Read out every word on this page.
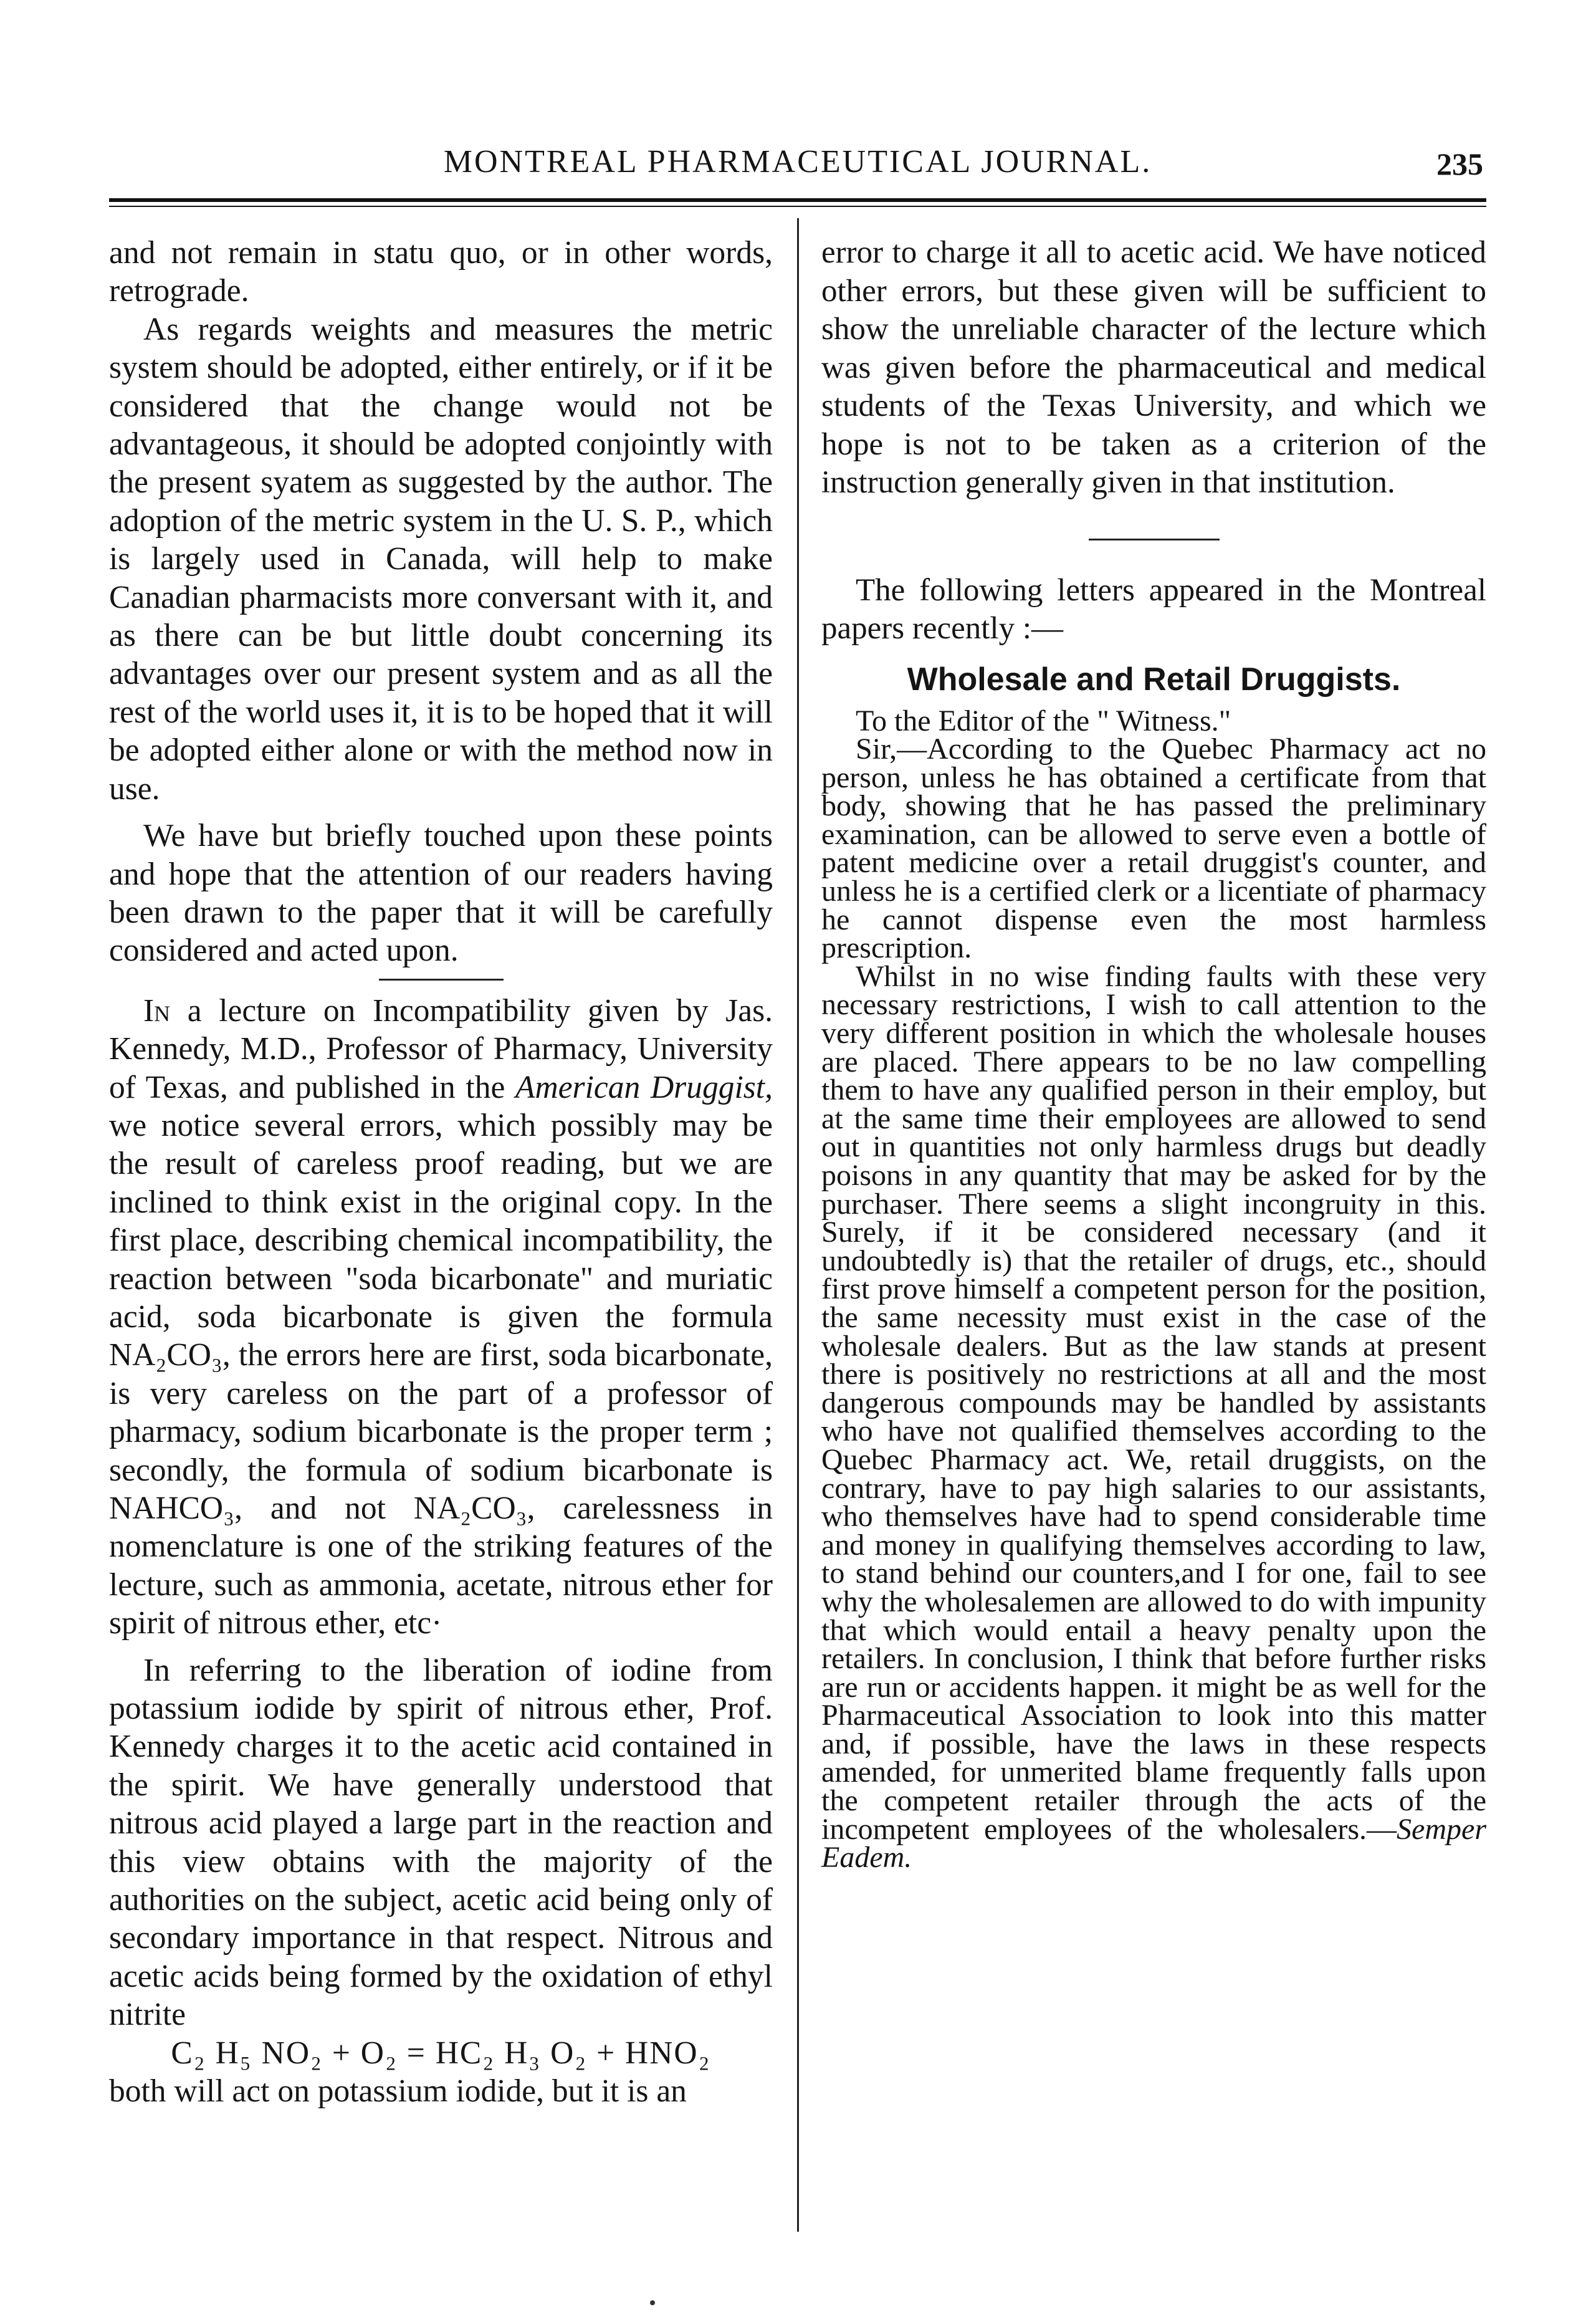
MONTREAL PHARMACEUTICAL JOURNAL.	235

and not remain in statu quo, or in other words, retrograde.

As regards weights and measures the metric system should be adopted, either entirely, or if it be considered that the change would not be advantageous, it should be adopted conjointly with the present syatem as suggested by the author. The adoption of the metric system in the U. S. P., which is largely used in Canada, will help to make Canadian pharmacists more conversant with it, and as there can be but little doubt concerning its advantages over our present system and as all the rest of the world uses it, it is to be hoped that it will be adopted either alone or with the method now in use.

We have but briefly touched upon these points and hope that the attention of our readers having been drawn to the paper that it will be carefully considered and acted upon.

In a lecture on Incompatibility given by Jas. Kennedy, M.D., Professor of Pharmacy, University of Texas, and published in the American Druggist, we notice several errors, which possibly may be the result of careless proof reading, but we are inclined to think exist in the original copy. In the first place, describing chemical incompatibility, the reaction between "soda bicarbonate" and muriatic acid, soda bicarbonate is given the formula NA₂CO₃, the errors here are first, soda bicarbonate, is very careless on the part of a professor of pharmacy, sodium bicarbonate is the proper term ; secondly, the formula of sodium bicarbonate is NAHCO₃, and not NA₂CO₃, carelessness in nomenclature is one of the striking features of the lecture, such as ammonia, acetate, nitrous ether for spirit of nitrous ether, etc·

In referring to the liberation of iodine from potassium iodide by spirit of nitrous ether, Prof. Kennedy charges it to the acetic acid contained in the spirit. We have generally understood that nitrous acid played a large part in the reaction and this view obtains with the majority of the authorities on the subject, acetic acid being only of secondary importance in that respect. Nitrous and acetic acids being formed by the oxidation of ethyl nitrite

C₂ H₅ NO₂ + O₂ = HC₂ H₃ O₂ + HNO₂

both will act on potassium iodide, but it is an

error to charge it all to acetic acid. We have noticed other errors, but these given will be sufficient to show the unreliable character of the lecture which was given before the pharmaceutical and medical students of the Texas University, and which we hope is not to be taken as a criterion of the instruction generally given in that institution.

The following letters appeared in the Montreal papers recently :—

Wholesale and Retail Druggists.

To the Editor of the " Witness."

Sir,—According to the Quebec Pharmacy act no person, unless he has obtained a certificate from that body, showing that he has passed the preliminary examination, can be allowed to serve even a bottle of patent medicine over a retail druggist's counter, and unless he is a certified clerk or a licentiate of pharmacy he cannot dispense even the most harmless prescription.

Whilst in no wise finding faults with these very necessary restrictions, I wish to call attention to the very different position in which the wholesale houses are placed. There appears to be no law compelling them to have any qualified person in their employ, but at the same time their employees are allowed to send out in quantities not only harmless drugs but deadly poisons in any quantity that may be asked for by the purchaser. There seems a slight incongruity in this. Surely, if it be considered necessary (and it undoubtedly is) that the retailer of drugs, etc., should first prove himself a competent person for the position, the same necessity must exist in the case of the wholesale dealers. But as the law stands at present there is positively no restrictions at all and the most dangerous compounds may be handled by assistants who have not qualified themselves according to the Quebec Pharmacy act. We, retail druggists, on the contrary, have to pay high salaries to our assistants, who themselves have had to spend considerable time and money in qualifying themselves according to law, to stand behind our counters,and I for one, fail to see why the wholesalemen are allowed to do with impunity that which would entail a heavy penalty upon the retailers. In conclusion, I think that before further risks are run or accidents happen. it might be as well for the Pharmaceutical Association to look into this matter and, if possible, have the laws in these respects amended, for unmerited blame frequently falls upon the competent retailer through the acts of the incompetent employees of the wholesalers.—Semper Eadem.
